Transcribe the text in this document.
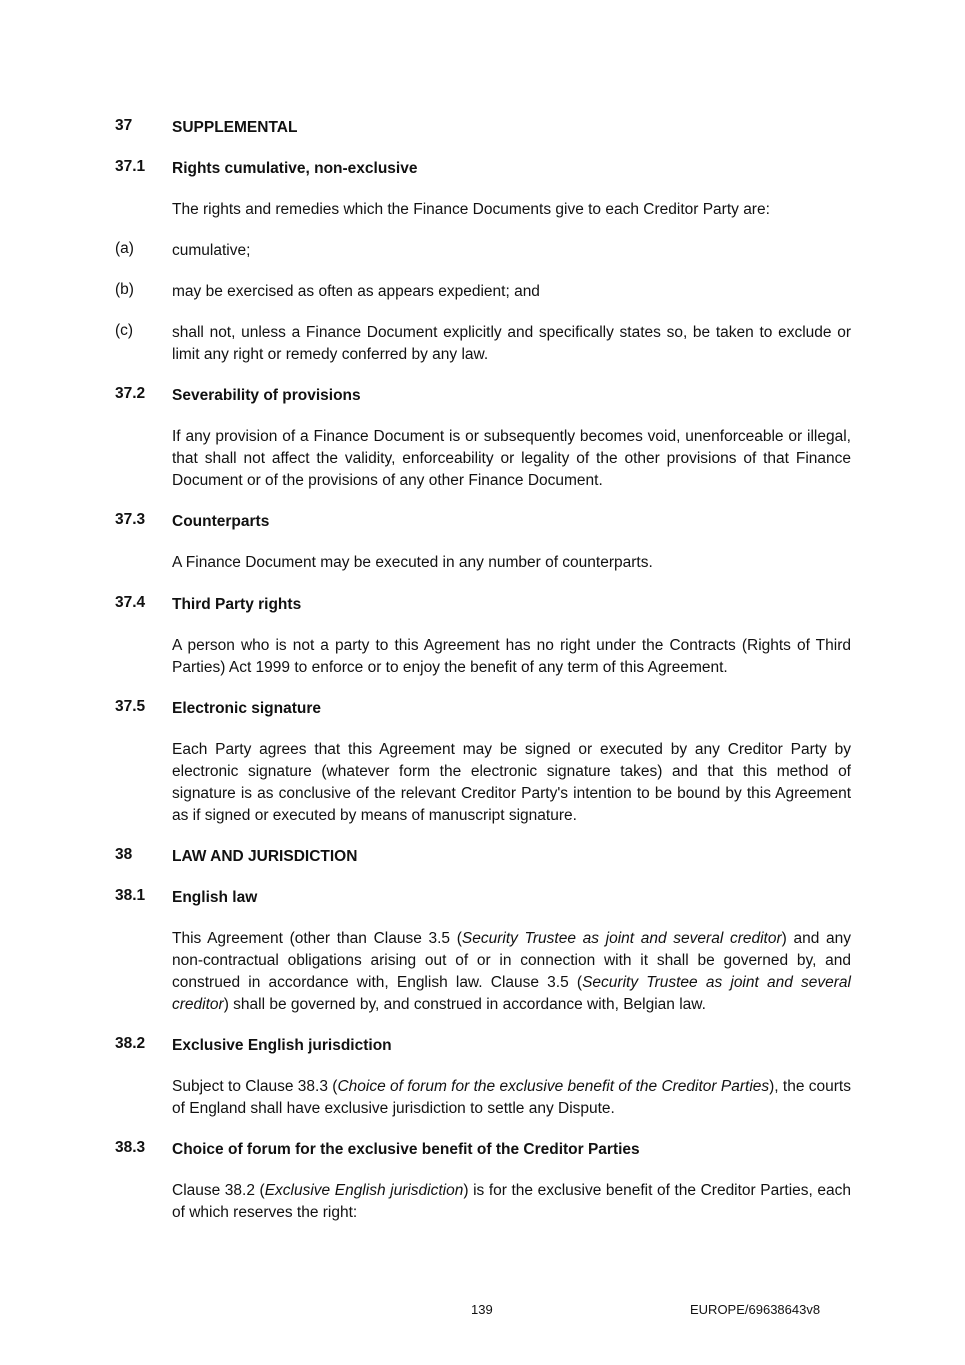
37	SUPPLEMENTAL
37.1 Rights cumulative, non-exclusive
The rights and remedies which the Finance Documents give to each Creditor Party are:
(a) cumulative;
(b) may be exercised as often as appears expedient; and
(c)	shall not, unless a Finance Document explicitly and specifically states so, be taken to exclude or limit any right or remedy conferred by any law.
37.2 Severability of provisions
If any provision of a Finance Document is or subsequently becomes void, unenforceable or illegal, that shall not affect the validity, enforceability or legality of the other provisions of that Finance Document or of the provisions of any other Finance Document.
37.3 Counterparts
A Finance Document may be executed in any number of counterparts.
37.4 Third Party rights
A person who is not a party to this Agreement has no right under the Contracts (Rights of Third Parties) Act 1999 to enforce or to enjoy the benefit of any term of this Agreement.
37.5 Electronic signature
Each Party agrees that this Agreement may be signed or executed by any Creditor Party by electronic signature (whatever form the electronic signature takes) and that this method of signature is as conclusive of the relevant Creditor Party's intention to be bound by this Agreement as if signed or executed by means of manuscript signature.
38	LAW AND JURISDICTION
38.1 English law
This Agreement (other than Clause 3.5 (Security Trustee as joint and several creditor) and any non-contractual obligations arising out of or in connection with it shall be governed by, and construed in accordance with, English law. Clause 3.5 (Security Trustee as joint and several creditor) shall be governed by, and construed in accordance with, Belgian law.
38.2 Exclusive English jurisdiction
Subject to Clause 38.3 (Choice of forum for the exclusive benefit of the Creditor Parties), the courts of England shall have exclusive jurisdiction to settle any Dispute.
38.3 Choice of forum for the exclusive benefit of the Creditor Parties
Clause 38.2 (Exclusive English jurisdiction) is for the exclusive benefit of the Creditor Parties, each of which reserves the right:
139	EUROPE/69638643v8
